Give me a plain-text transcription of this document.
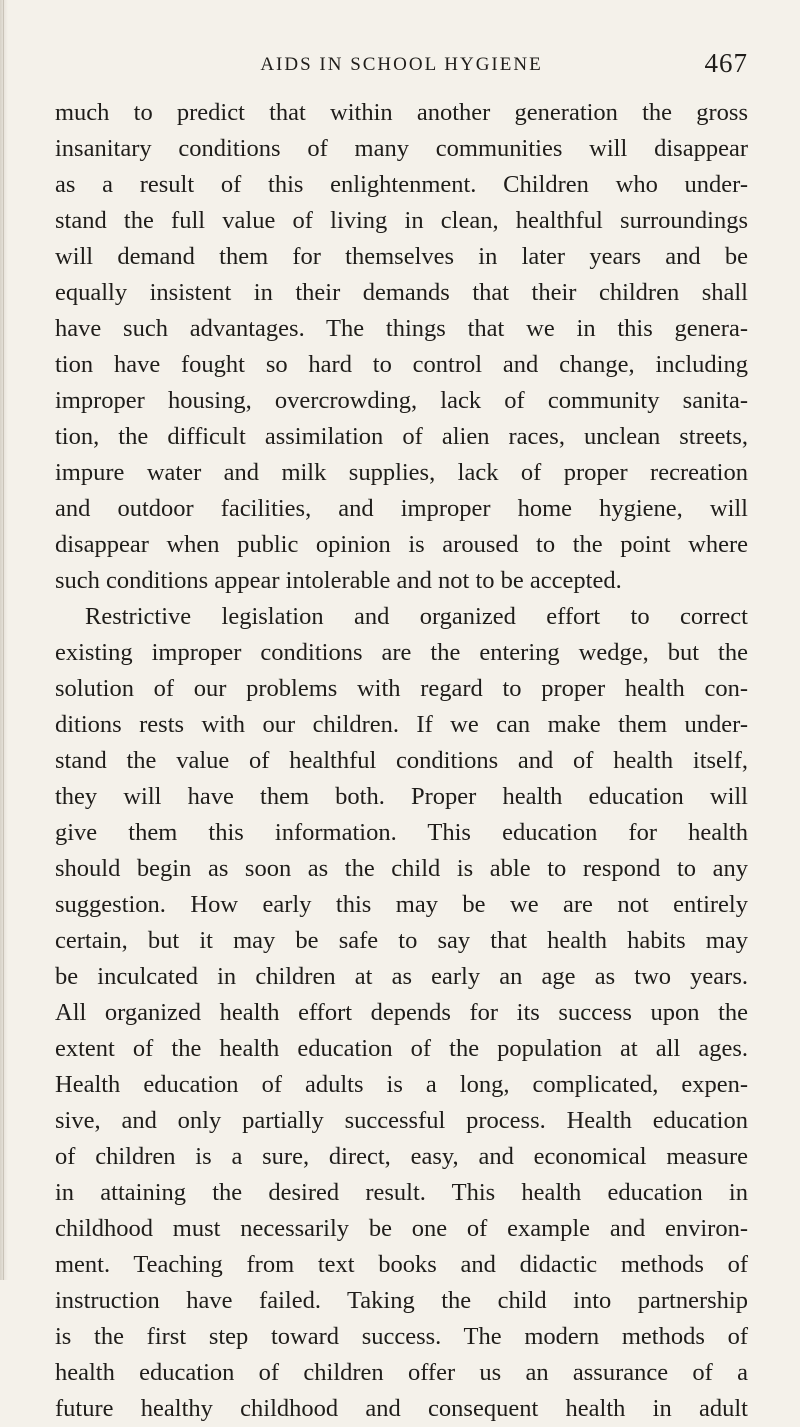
AIDS IN SCHOOL HYGIENE	467
much to predict that within another generation the gross
insanitary conditions of many communities will disappear
as a result of this enlightenment. Children who under-
stand the full value of living in clean, healthful surroundings
will demand them for themselves in later years and be
equally insistent in their demands that their children shall
have such advantages. The things that we in this genera-
tion have fought so hard to control and change, including
improper housing, overcrowding, lack of community sanita-
tion, the difficult assimilation of alien races, unclean streets,
impure water and milk supplies, lack of proper recreation
and outdoor facilities, and improper home hygiene, will
disappear when public opinion is aroused to the point where
such conditions appear intolerable and not to be accepted.
Restrictive legislation and organized effort to correct
existing improper conditions are the entering wedge, but the
solution of our problems with regard to proper health con-
ditions rests with our children. If we can make them under-
stand the value of healthful conditions and of health itself,
they will have them both. Proper health education will
give them this information. This education for health
should begin as soon as the child is able to respond to any
suggestion. How early this may be we are not entirely
certain, but it may be safe to say that health habits may
be inculcated in children at as early an age as two years.
All organized health effort depends for its success upon the
extent of the health education of the population at all ages.
Health education of adults is a long, complicated, expen-
sive, and only partially successful process. Health education
of children is a sure, direct, easy, and economical measure
in attaining the desired result. This health education in
childhood must necessarily be one of example and environ-
ment. Teaching from text books and didactic methods of
instruction have failed. Taking the child into partnership
is the first step toward success. The modern methods of
health education of children offer us an assurance of a
future healthy childhood and consequent health in adult
